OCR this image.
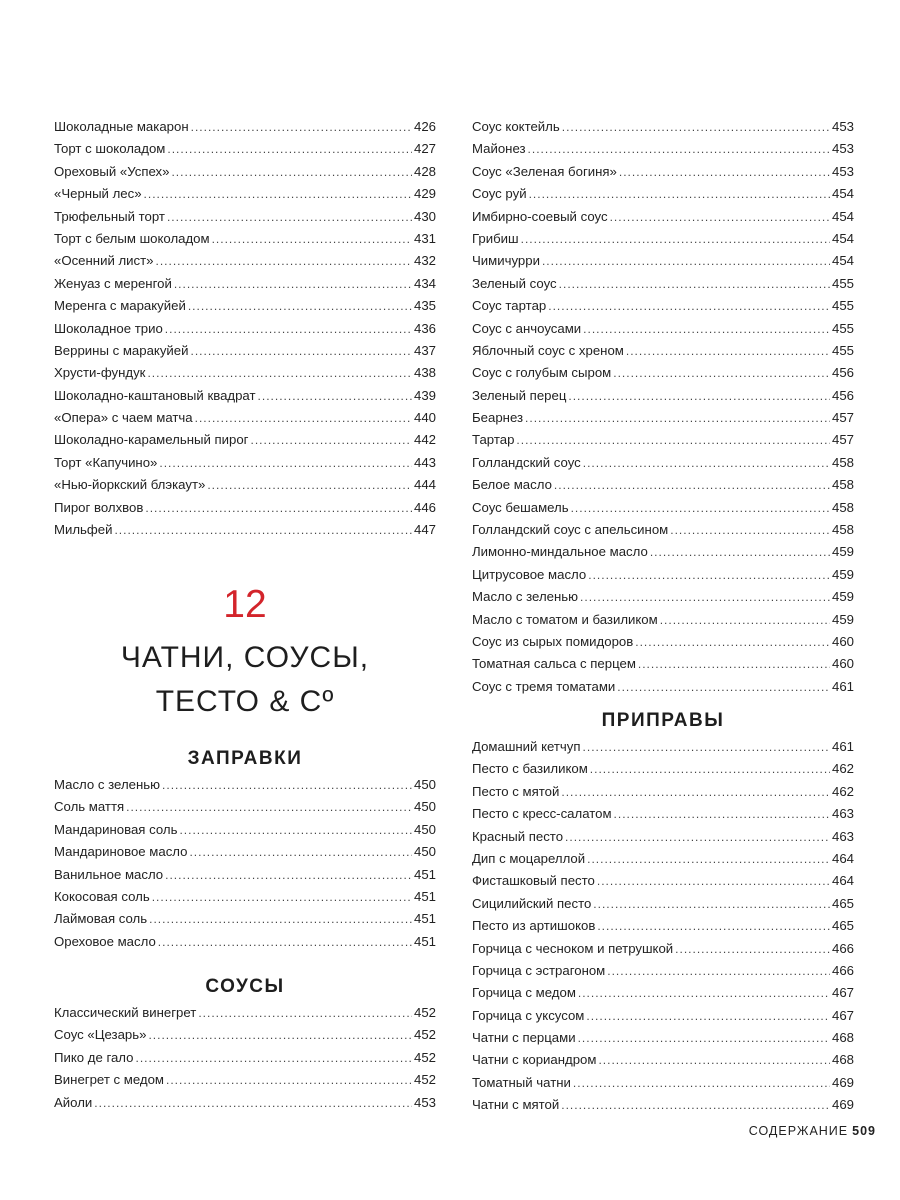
Шоколадные макарон .....	426
Торт с шоколадом .....	427
Ореховый «Успех» .....	428
«Черный лес» .....	429
Трюфельный торт .....	430
Торт с белым шоколадом .....	431
«Осенний лист» .....	432
Женуаз с меренгой .....	434
Меренга с маракуйей .....	435
Шоколадное трио .....	436
Веррины с маракуйей .....	437
Хрусти-фундук .....	438
Шоколадно-каштановый квадрат .....	439
«Опера» с чаем матча .....	440
Шоколадно-карамельный пирог .....	442
Торт «Капучино» .....	443
«Нью-йоркский блэкаут» .....	444
Пирог волхвов .....	446
Мильфей .....	447
12
ЧАТНИ, СОУСЫ,
ТЕСТО & Cº
ЗАПРАВКИ
Масло с зеленью .....	450
Соль маття .....	450
Мандариновая соль .....	450
Мандариновое масло .....	450
Ванильное масло .....	451
Кокосовая соль .....	451
Лаймовая соль .....	451
Ореховое масло .....	451
СОУСЫ
Классический винегрет .....	452
Соус «Цезарь» .....	452
Пико де гало .....	452
Винегрет с медом .....	452
Айоли .....	453
Соус коктейль .....	453
Майонез .....	453
Соус «Зеленая богиня» .....	453
Соус руй .....	454
Имбирно-соевый соус .....	454
Грибиш .....	454
Чимичурри .....	454
Зеленый соус .....	455
Соус тартар .....	455
Соус с анчоусами .....	455
Яблочный соус с хреном .....	455
Соус с голубым сыром .....	456
Зеленый перец .....	456
Беарнез .....	457
Тартар .....	457
Голландский соус .....	458
Белое масло .....	458
Соус бешамель .....	458
Голландский соус с апельсином .....	458
Лимонно-миндальное масло .....	459
Цитрусовое масло .....	459
Масло с зеленью .....	459
Масло с томатом и базиликом .....	459
Соус из сырых помидоров .....	460
Томатная сальса с перцем .....	460
Соус с тремя томатами .....	461
ПРИПРАВЫ
Домашний кетчуп .....	461
Песто с базиликом .....	462
Песто с мятой .....	462
Песто с кресс-салатом .....	463
Красный песто .....	463
Дип с моцареллой .....	464
Фисташковый песто .....	464
Сицилийский песто .....	465
Песто из артишоков .....	465
Горчица с чесноком и петрушкой .....	466
Горчица с эстрагоном .....	466
Горчица с медом .....	467
Горчица с уксусом .....	467
Чатни с перцами .....	468
Чатни с кориандром .....	468
Томатный чатни .....	469
Чатни с мятой .....	469
СОДЕРЖАНИЕ 509
